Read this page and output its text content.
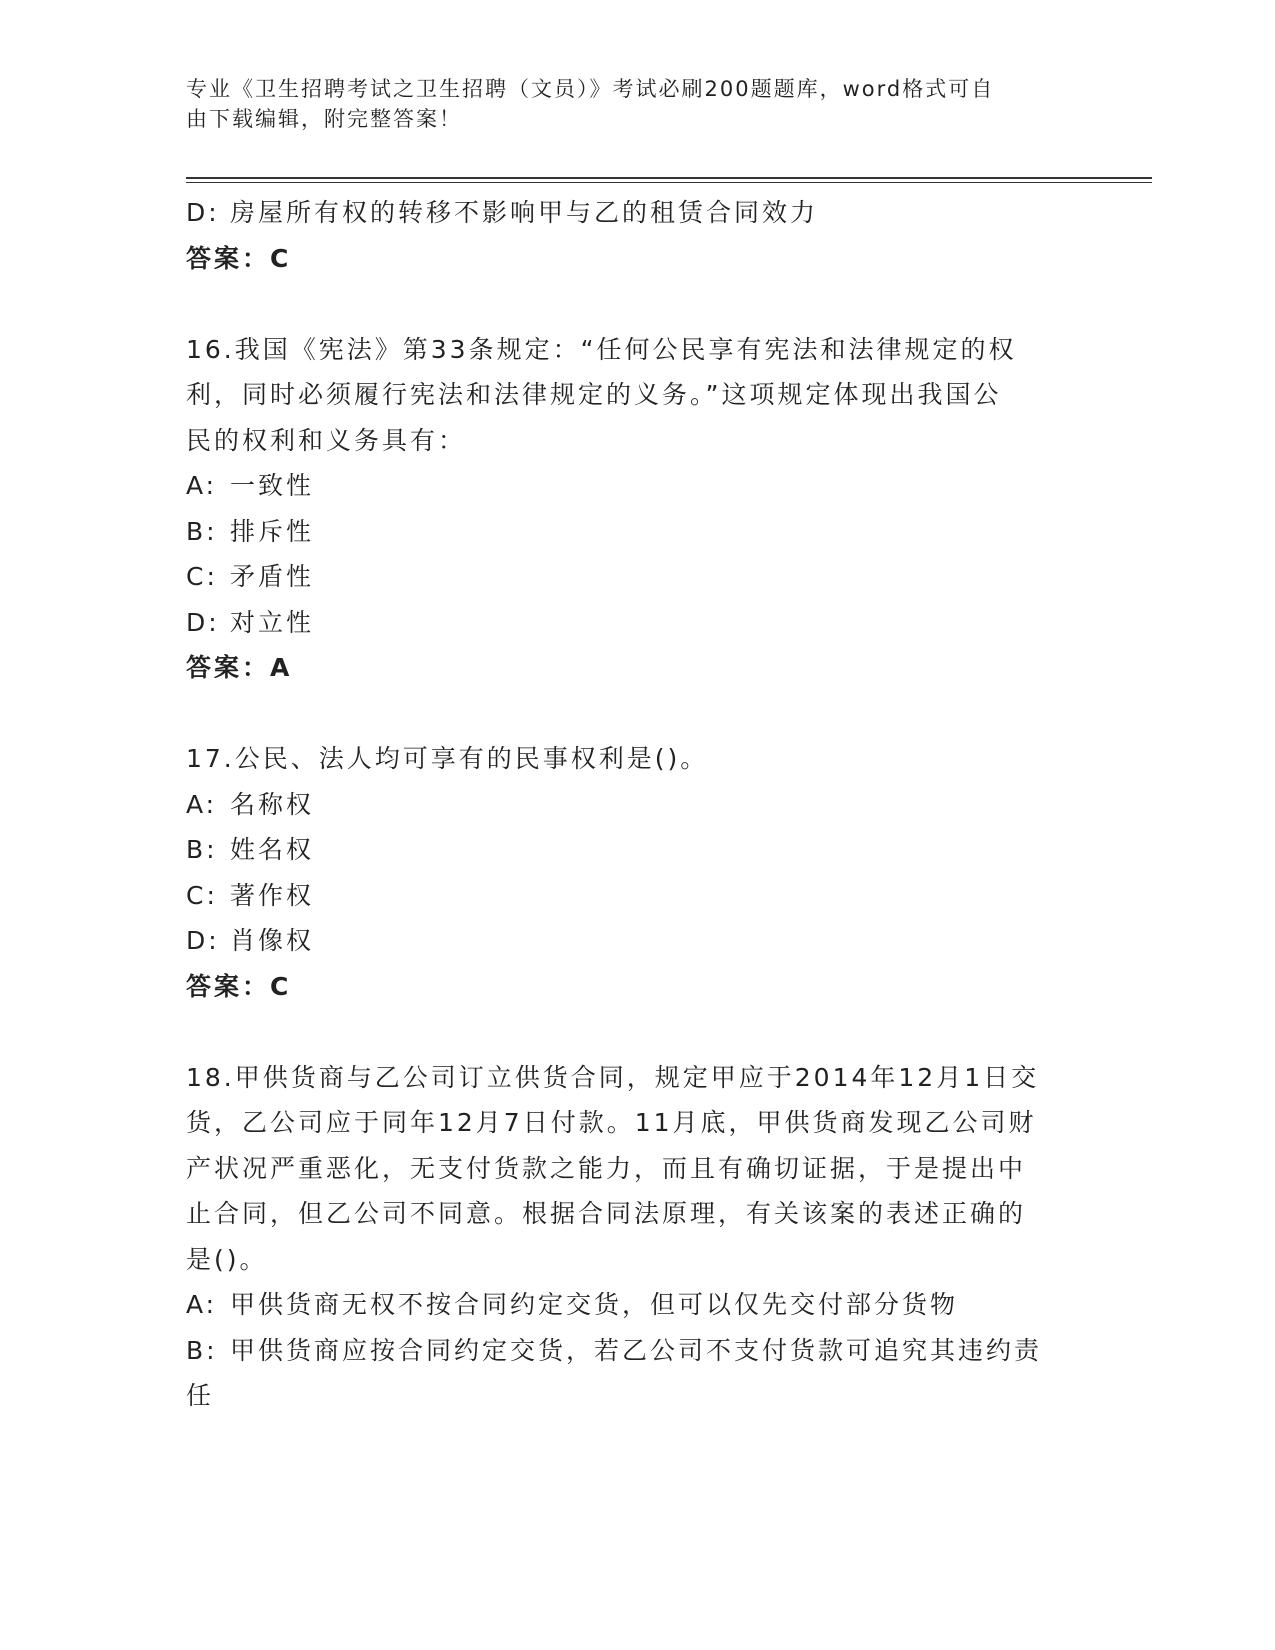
专业《卫生招聘考试之卫生招聘（文员）》考试必刷200题题库，word格式可自
由下载编辑，附完整答案！
D: 房屋所有权的转移不影响甲与乙的租赁合同效力
答案：C
16.我国《宪法》第33条规定：“任何公民享有宪法和法律规定的权
利，同时必须履行宪法和法律规定的义务。”这项规定体现出我国公
民的权利和义务具有：
A: 一致性
B: 排斥性
C: 矛盾性
D: 对立性
答案：A
17.公民、法人均可享有的民事权利是()。
A: 名称权
B: 姓名权
C: 著作权
D: 肖像权
答案：C
18.甲供货商与乙公司订立供货合同，规定甲应于2014年12月1日交
货，乙公司应于同年12月7日付款。11月底，甲供货商发现乙公司财
产状况严重恶化，无支付货款之能力，而且有确切证据，于是提出中
止合同，但乙公司不同意。根据合同法原理，有关该案的表述正确的
是()。
A: 甲供货商无权不按合同约定交货，但可以仅先交付部分货物
B: 甲供货商应按合同约定交货，若乙公司不支付货款可追究其违约责
任
